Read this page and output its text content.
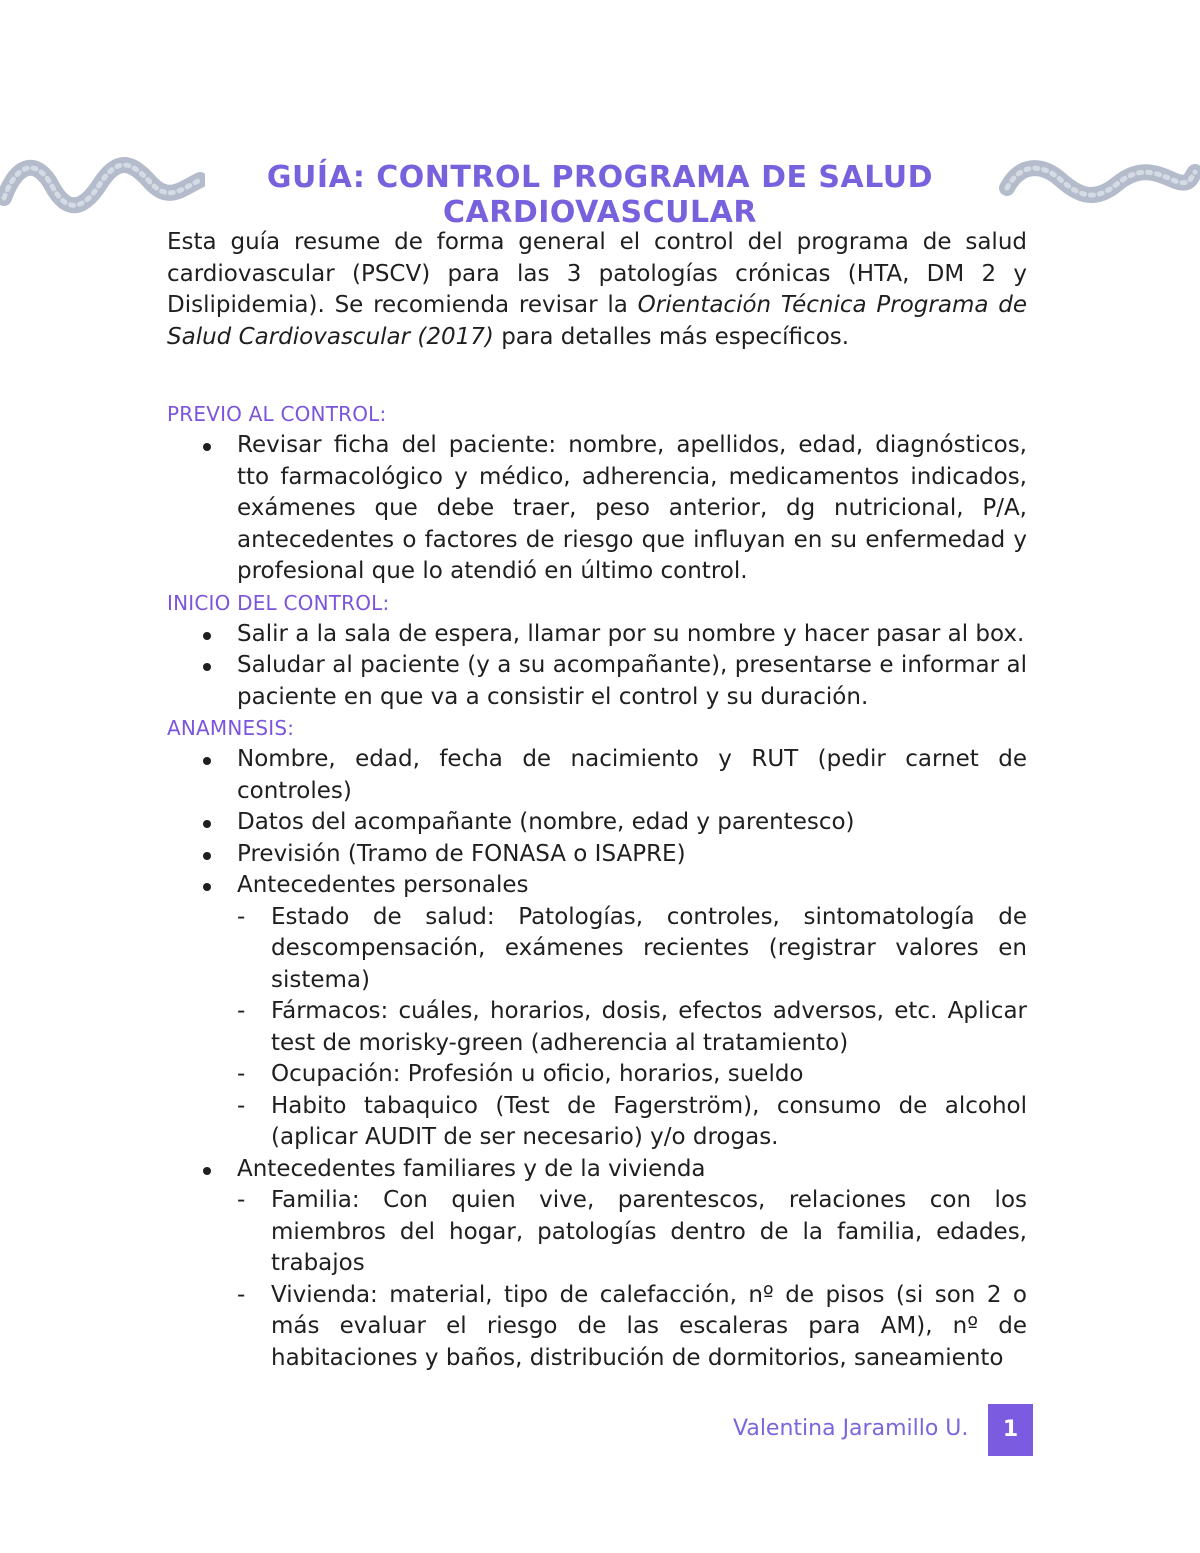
GUÍA: CONTROL PROGRAMA DE SALUD CARDIOVASCULAR

Esta guía resume de forma general el control del programa de salud cardiovascular (PSCV) para las 3 patologías crónicas (HTA, DM 2 y Dislipidemia). Se recomienda revisar la Orientación Técnica Programa de Salud Cardiovascular (2017) para detalles más específicos.

PREVIO AL CONTROL:
Revisar ficha del paciente: nombre, apellidos, edad, diagnósticos, tto farmacológico y médico, adherencia, medicamentos indicados, exámenes que debe traer, peso anterior, dg nutricional, P/A, antecedentes o factores de riesgo que influyan en su enfermedad y profesional que lo atendió en último control.
INICIO DEL CONTROL:
Salir a la sala de espera, llamar por su nombre y hacer pasar al box.
Saludar al paciente (y a su acompañante), presentarse e informar al paciente en que va a consistir el control y su duración.
ANAMNESIS:
Nombre, edad, fecha de nacimiento y RUT (pedir carnet de controles)
Datos del acompañante (nombre, edad y parentesco)
Previsión (Tramo de FONASA o ISAPRE)
Antecedentes personales
- Estado de salud: Patologías, controles, sintomatología de descompensación, exámenes recientes (registrar valores en sistema)
- Fármacos: cuáles, horarios, dosis, efectos adversos, etc. Aplicar test de morisky-green (adherencia al tratamiento)
- Ocupación: Profesión u oficio, horarios, sueldo
- Habito tabaquico (Test de Fagerström), consumo de alcohol (aplicar AUDIT de ser necesario) y/o drogas.
Antecedentes familiares y de la vivienda
- Familia: Con quien vive, parentescos, relaciones con los miembros del hogar, patologías dentro de la familia, edades, trabajos
- Vivienda: material, tipo de calefacción, nº de pisos (si son 2 o más evaluar el riesgo de las escaleras para AM), nº de habitaciones y baños, distribución de dormitorios, saneamiento
Valentina Jaramillo U.	1
